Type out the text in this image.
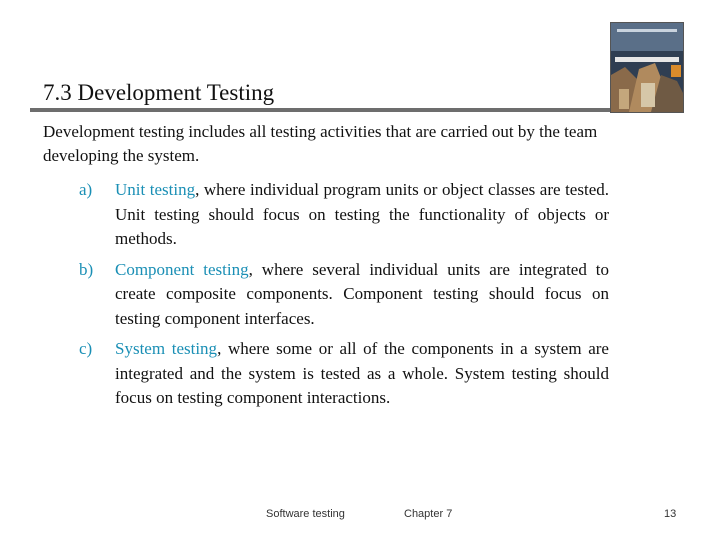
7.3 Development Testing
Development testing includes all testing activities that are carried out by the team developing the system.
a)	Unit testing, where individual program units or object classes are tested. Unit testing should focus on testing the functionality of objects or methods.
b)	Component testing, where several individual units are integrated to create composite components. Component testing should focus on testing component interfaces.
c)	System testing, where some or all of the components in a system are integrated and the system is tested as a whole. System testing should focus on testing component interactions.
Software testing	Chapter 7	13
